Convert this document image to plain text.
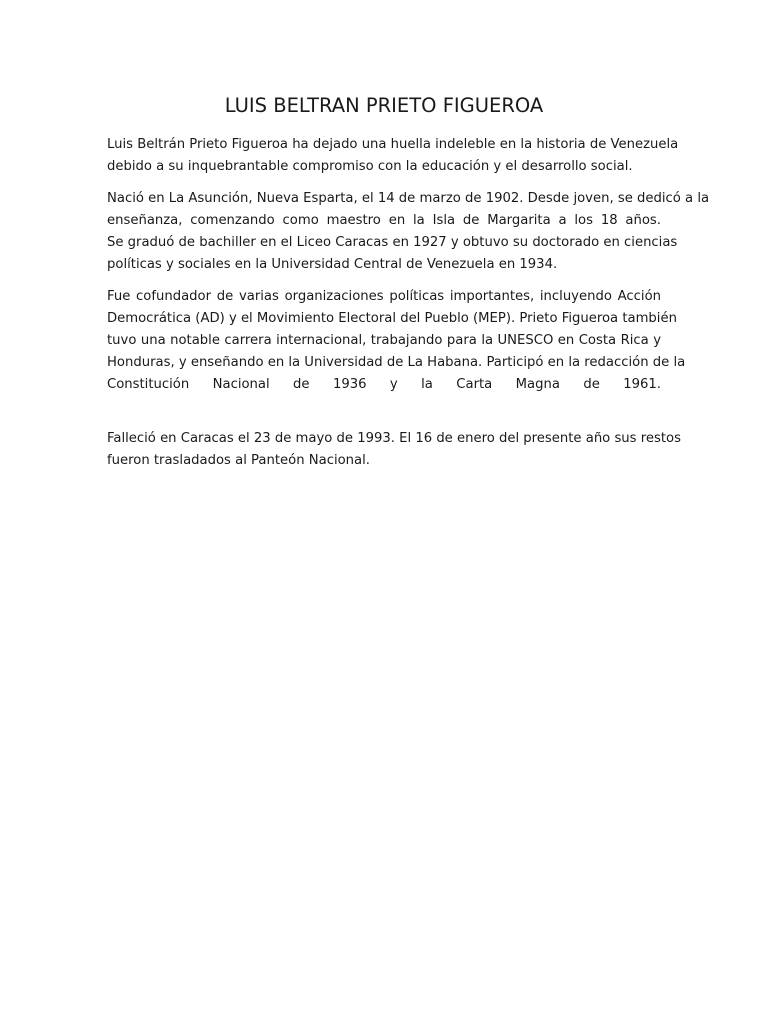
LUIS BELTRAN PRIETO FIGUEROA

Luis Beltrán Prieto Figueroa ha dejado una huella indeleble en la historia de Venezuela
debido a su inquebrantable compromiso con la educación y el desarrollo social.

Nació en La Asunción, Nueva Esparta, el 14 de marzo de 1902. Desde joven, se dedicó a la
enseñanza, comenzando como maestro en la Isla de Margarita a los 18 años.
Se graduó de bachiller en el Liceo Caracas en 1927 y obtuvo su doctorado en ciencias
políticas y sociales en la Universidad Central de Venezuela en 1934.

Fue cofundador de varias organizaciones políticas importantes, incluyendo Acción
Democrática (AD) y el Movimiento Electoral del Pueblo (MEP). Prieto Figueroa también
tuvo una notable carrera internacional, trabajando para la UNESCO en Costa Rica y
Honduras, y enseñando en la Universidad de La Habana. Participó en la redacción de la
Constitución Nacional de 1936 y la Carta Magna de 1961.

Falleció en Caracas el 23 de mayo de 1993. El 16 de enero del presente año sus restos
fueron trasladados al Panteón Nacional.
